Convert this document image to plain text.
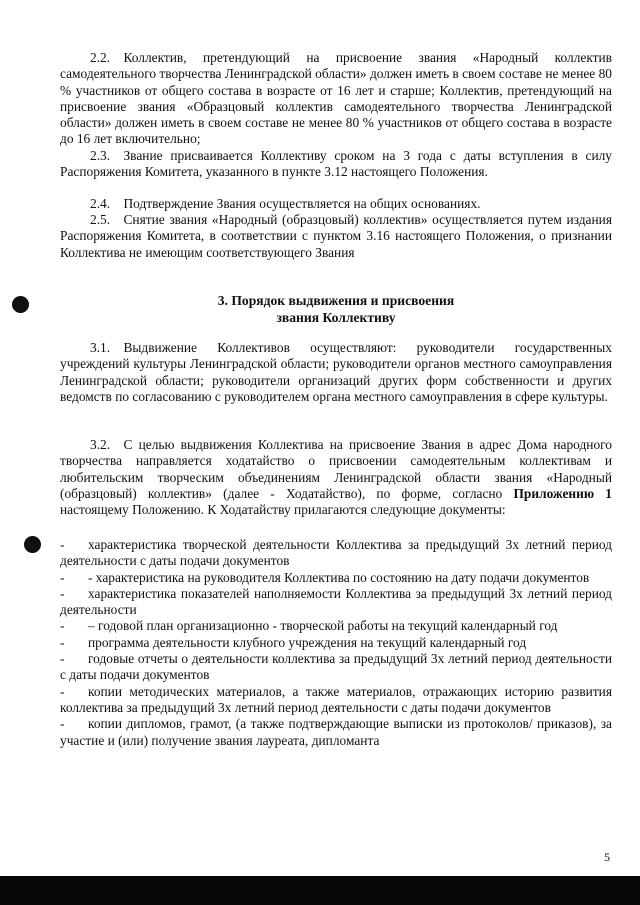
2.2. Коллектив, претендующий на присвоение звания «Народный коллектив самодеятельного творчества Ленинградской области» должен иметь в своем составе не менее 80 % участников от общего состава в возрасте от 16 лет и старше; Коллектив, претендующий на присвоение звания «Образцовый коллектив самодеятельного творчества Ленинградской области» должен иметь в своем составе не менее 80 % участников от общего состава в возрасте до 16 лет включительно;
2.3. Звание присваивается Коллективу сроком на 3 года с даты вступления в силу Распоряжения Комитета, указанного в пункте 3.12 настоящего Положения.
2.4. Подтверждение Звания осуществляется на общих основаниях.
2.5. Снятие звания «Народный (образцовый) коллектив» осуществляется путем издания Распоряжения Комитета, в соответствии с пунктом 3.16 настоящего Положения, о признании Коллектива не имеющим соответствующего Звания
3. Порядок выдвижения и присвоения
звания Коллективу
3.1. Выдвижение Коллективов осуществляют: руководители государственных учреждений культуры Ленинградской области; руководители органов местного самоуправления Ленинградской области; руководители организаций других форм собственности и других ведомств по согласованию с руководителем органа местного самоуправления в сфере культуры.
3.2. С целью выдвижения Коллектива на присвоение Звания в адрес Дома народного творчества направляется ходатайство о присвоении самодеятельным коллективам и любительским творческим объединениям Ленинградской области звания «Народный (образцовый) коллектив» (далее - Ходатайство), по форме, согласно Приложению 1 настоящему Положению. К Ходатайству прилагаются следующие документы:
- характеристика творческой деятельности Коллектива за предыдущий 3х летний период деятельности с даты подачи документов
- - характеристика на руководителя Коллектива по состоянию на дату подачи документов
- характеристика показателей наполняемости Коллектива за предыдущий 3х летний период деятельности
- – годовой план организационно - творческой работы на текущий календарный год
- программа деятельности клубного учреждения на текущий календарный год
- годовые отчеты о деятельности коллектива за предыдущий 3х летний период деятельности с даты подачи документов
- копии методических материалов, а также материалов, отражающих историю развития коллектива за предыдущий 3х летний период деятельности с даты подачи документов
- копии дипломов, грамот, (а также подтверждающие выписки из протоколов/ приказов), за участие и (или) получение звания лауреата, дипломанта
5
